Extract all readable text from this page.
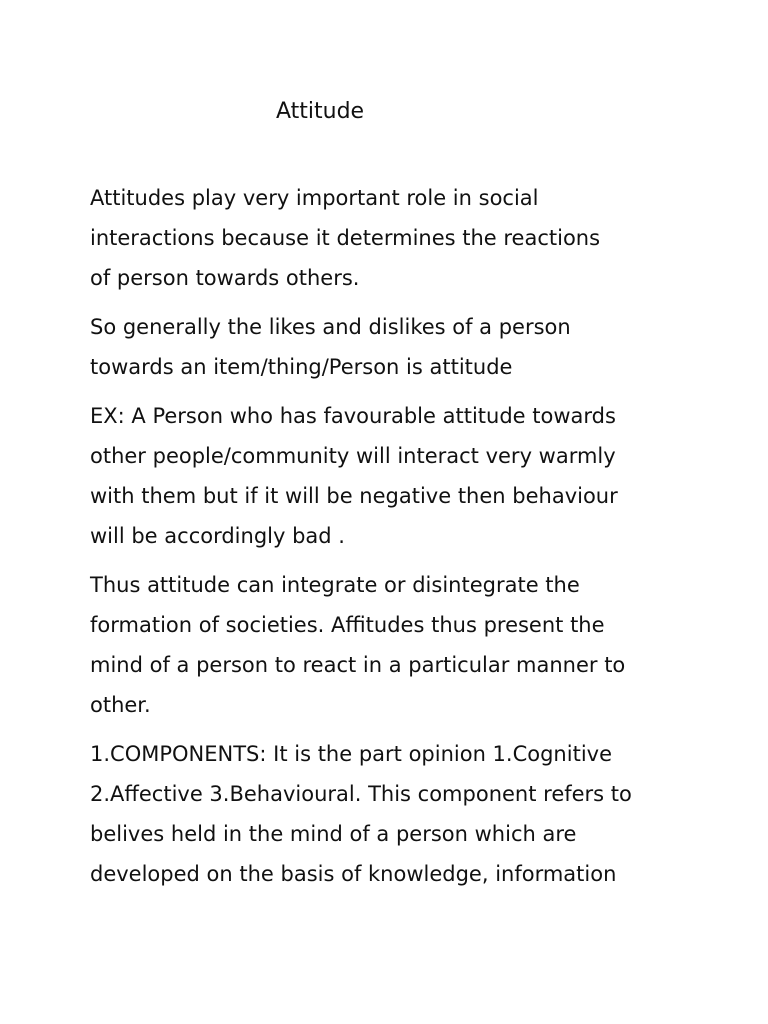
Attitude

Attitudes play very important role in social
interactions because it determines the reactions
of person towards others.

So generally the likes and dislikes of a person
towards an item/thing/Person is attitude

EX: A Person who has favourable attitude towards
other people/community will interact very warmly
with them but if it will be negative then behaviour
will be accordingly bad .

Thus attitude can integrate or disintegrate the
formation of societies. Affitudes thus present the
mind of a person to react in a particular manner to
other.

1.COMPONENTS: It is the part opinion 1.Cognitive
2.Affective 3.Behavioural. This component refers to
belives held in the mind of a person which are
developed on the basis of knowledge, information
